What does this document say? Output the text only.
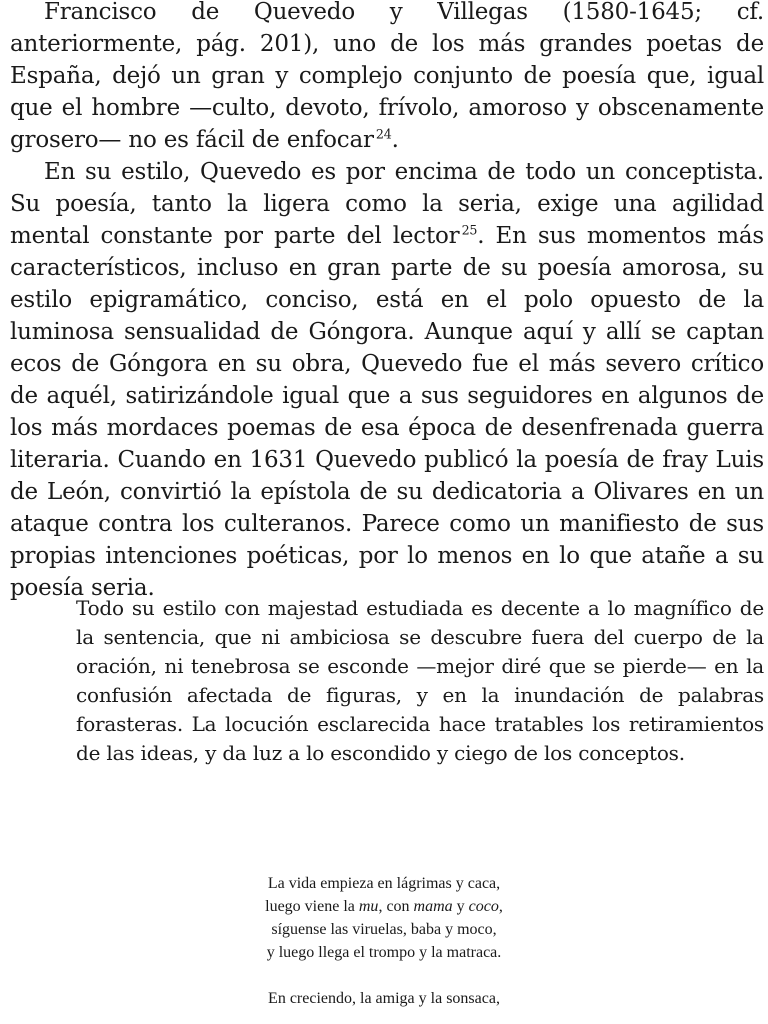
Francisco de Quevedo y Villegas (1580-1645; cf. anteriormente, pág. 201), uno de los más grandes poetas de España, dejó un gran y complejo conjunto de poesía que, igual que el hombre —culto, devoto, frívolo, amoroso y obscenamente grosero— no es fácil de enfocar  $^{24}$.

En su estilo, Quevedo es por encima de todo un conceptista. Su poesía, tanto la ligera como la seria, exige una agilidad mental constante por parte del lector  $^{25}$. En sus momentos más característicos, incluso en gran parte de su poesía amorosa, su estilo epigramático, conciso, está en el polo opuesto de la luminosa sensualidad de Góngora. Aunque aquí y allí se captan ecos de Góngora en su obra, Quevedo fue el más severo crítico de aquél, satirizándole igual que a sus seguidores en algunos de los más mordaces poemas de esa época de desenfrenada guerra literaria. Cuando en 1631 Quevedo publicó la poesía de fray Luis de León, convirtió la epístola de su dedicatoria a Olivares en un ataque contra los culteranos. Parece como un manifiesto de sus propias intenciones poéticas, por lo menos en lo que atañe a su poesía seria.

Todo su estilo con majestad estudiada es decente a lo magnífico de la sentencia, que ni ambiciosa se descubre fuera del cuerpo de la oración, ni tenebrosa se esconde —mejor diré que se pierde— en la confusión afectada de figuras, y en la inundación de palabras forasteras. La locución esclarecida hace tratables los retiramientos de las ideas, y da luz a lo escondido y ciego de los conceptos.

La vida empieza en lágrimas y caca,
luego viene la mu, con mama y coco,
síguense las viruelas, baba y moco,
y luego llega el trompo y la matraca.
En creciendo, la amiga y la sonsaca,
